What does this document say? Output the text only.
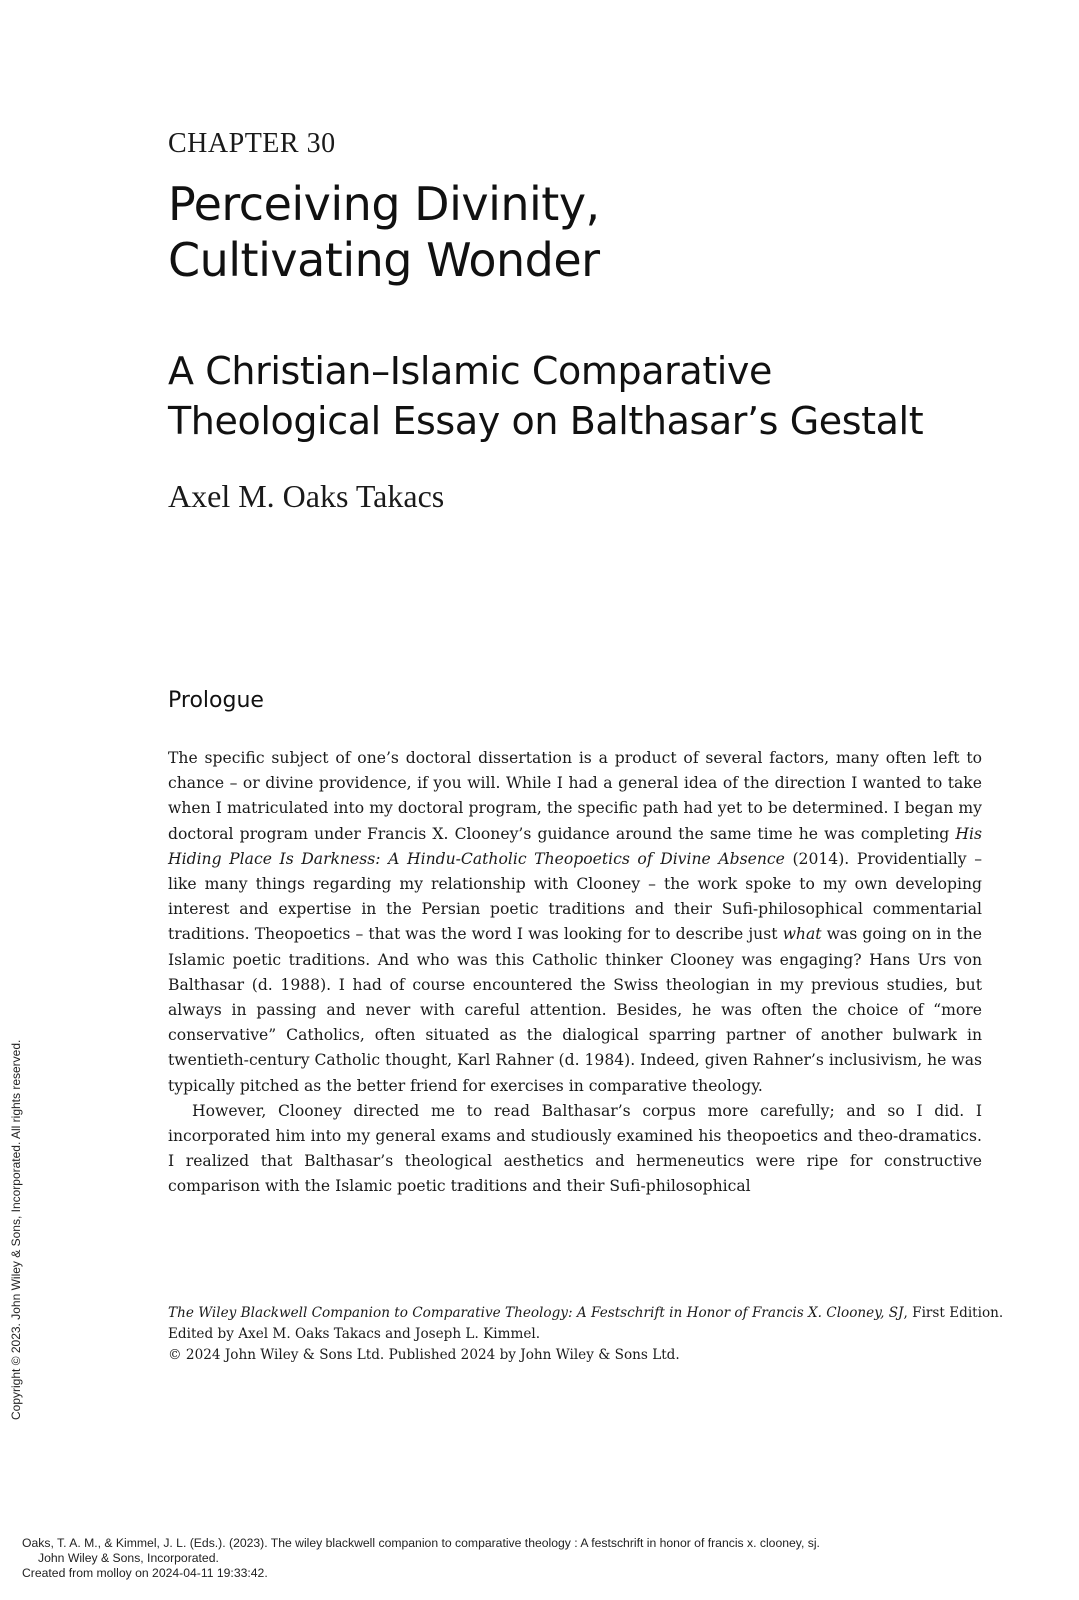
CHAPTER 30
Perceiving Divinity,
Cultivating Wonder
A Christian–Islamic Comparative
Theological Essay on Balthasar’s Gestalt
Axel M. Oaks Takacs
Prologue

The specific subject of one’s doctoral dissertation is a product of several factors, many often left to chance – or divine providence, if you will. While I had a general idea of the direction I wanted to take when I matriculated into my doctoral program, the specific path had yet to be determined. I began my doctoral program under Francis X. Clooney’s guidance around the same time he was completing His Hiding Place Is Darkness: A Hindu-Catholic Theopoetics of Divine Absence (2014). Providentially – like many things regarding my relationship with Clooney – the work spoke to my own developing interest and expertise in the Persian poetic traditions and their Sufi-philosophical commentarial traditions. Theopoetics – that was the word I was looking for to describe just what was going on in the Islamic poetic traditions. And who was this Catholic thinker Clooney was engaging? Hans Urs von Balthasar (d. 1988). I had of course encountered the Swiss theologian in my previous studies, but always in passing and never with careful attention. Besides, he was often the choice of “more conservative” Catholics, often situated as the dialogical sparring partner of another bulwark in twentieth-century Catholic thought, Karl Rahner (d. 1984). Indeed, given Rahner’s inclusivism, he was typically pitched as the better friend for exercises in comparative theology.

However, Clooney directed me to read Balthasar’s corpus more carefully; and so I did. I incorporated him into my general exams and studiously examined his theopoetics and theo-dramatics. I realized that Balthasar’s theological aesthetics and hermeneutics were ripe for constructive comparison with the Islamic poetic traditions and their Sufi-philosophical

The Wiley Blackwell Companion to Comparative Theology: A Festschrift in Honor of Francis X. Clooney, SJ, First Edition.
Edited by Axel M. Oaks Takacs and Joseph L. Kimmel.
© 2024 John Wiley & Sons Ltd. Published 2024 by John Wiley & Sons Ltd.
Copyright © 2023. John Wiley & Sons, Incorporated. All rights reserved.
Oaks, T. A. M., & Kimmel, J. L. (Eds.). (2023). The wiley blackwell companion to comparative theology : A festschrift in honor of francis x. clooney, sj.
John Wiley & Sons, Incorporated.
Created from molloy on 2024-04-11 19:33:42.
